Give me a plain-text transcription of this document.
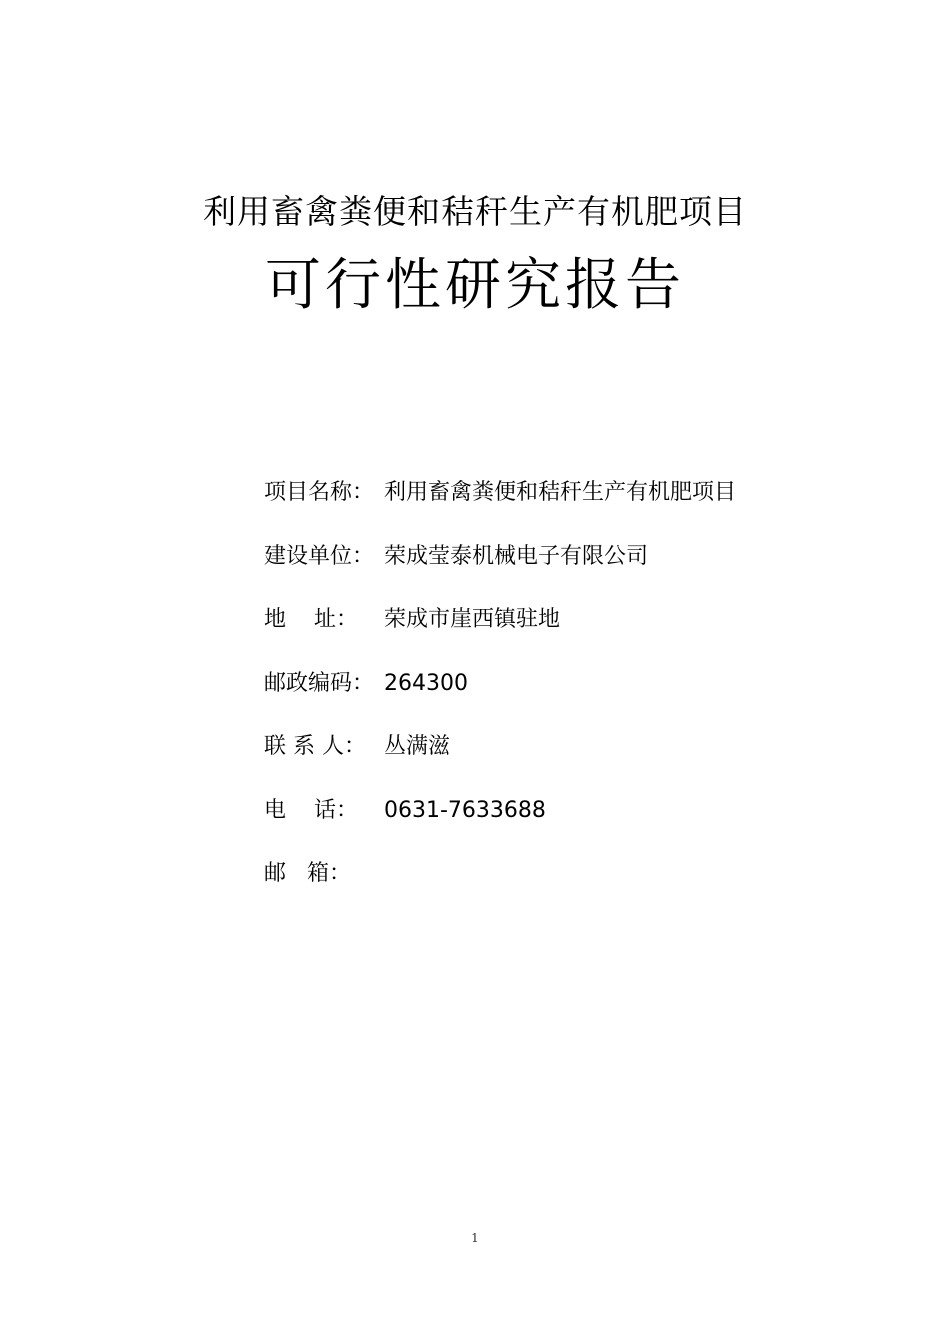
利用畜禽粪便和秸秆生产有机肥项目
可行性研究报告
项目名称： 利用畜禽粪便和秸秆生产有机肥项目
建设单位： 荣成莹泰机械电子有限公司
地    址：	荣成市崖西镇驻地
邮政编码： 264300
联 系 人： 丛满滋
电    话：	0631-7633688
邮   箱：
1
